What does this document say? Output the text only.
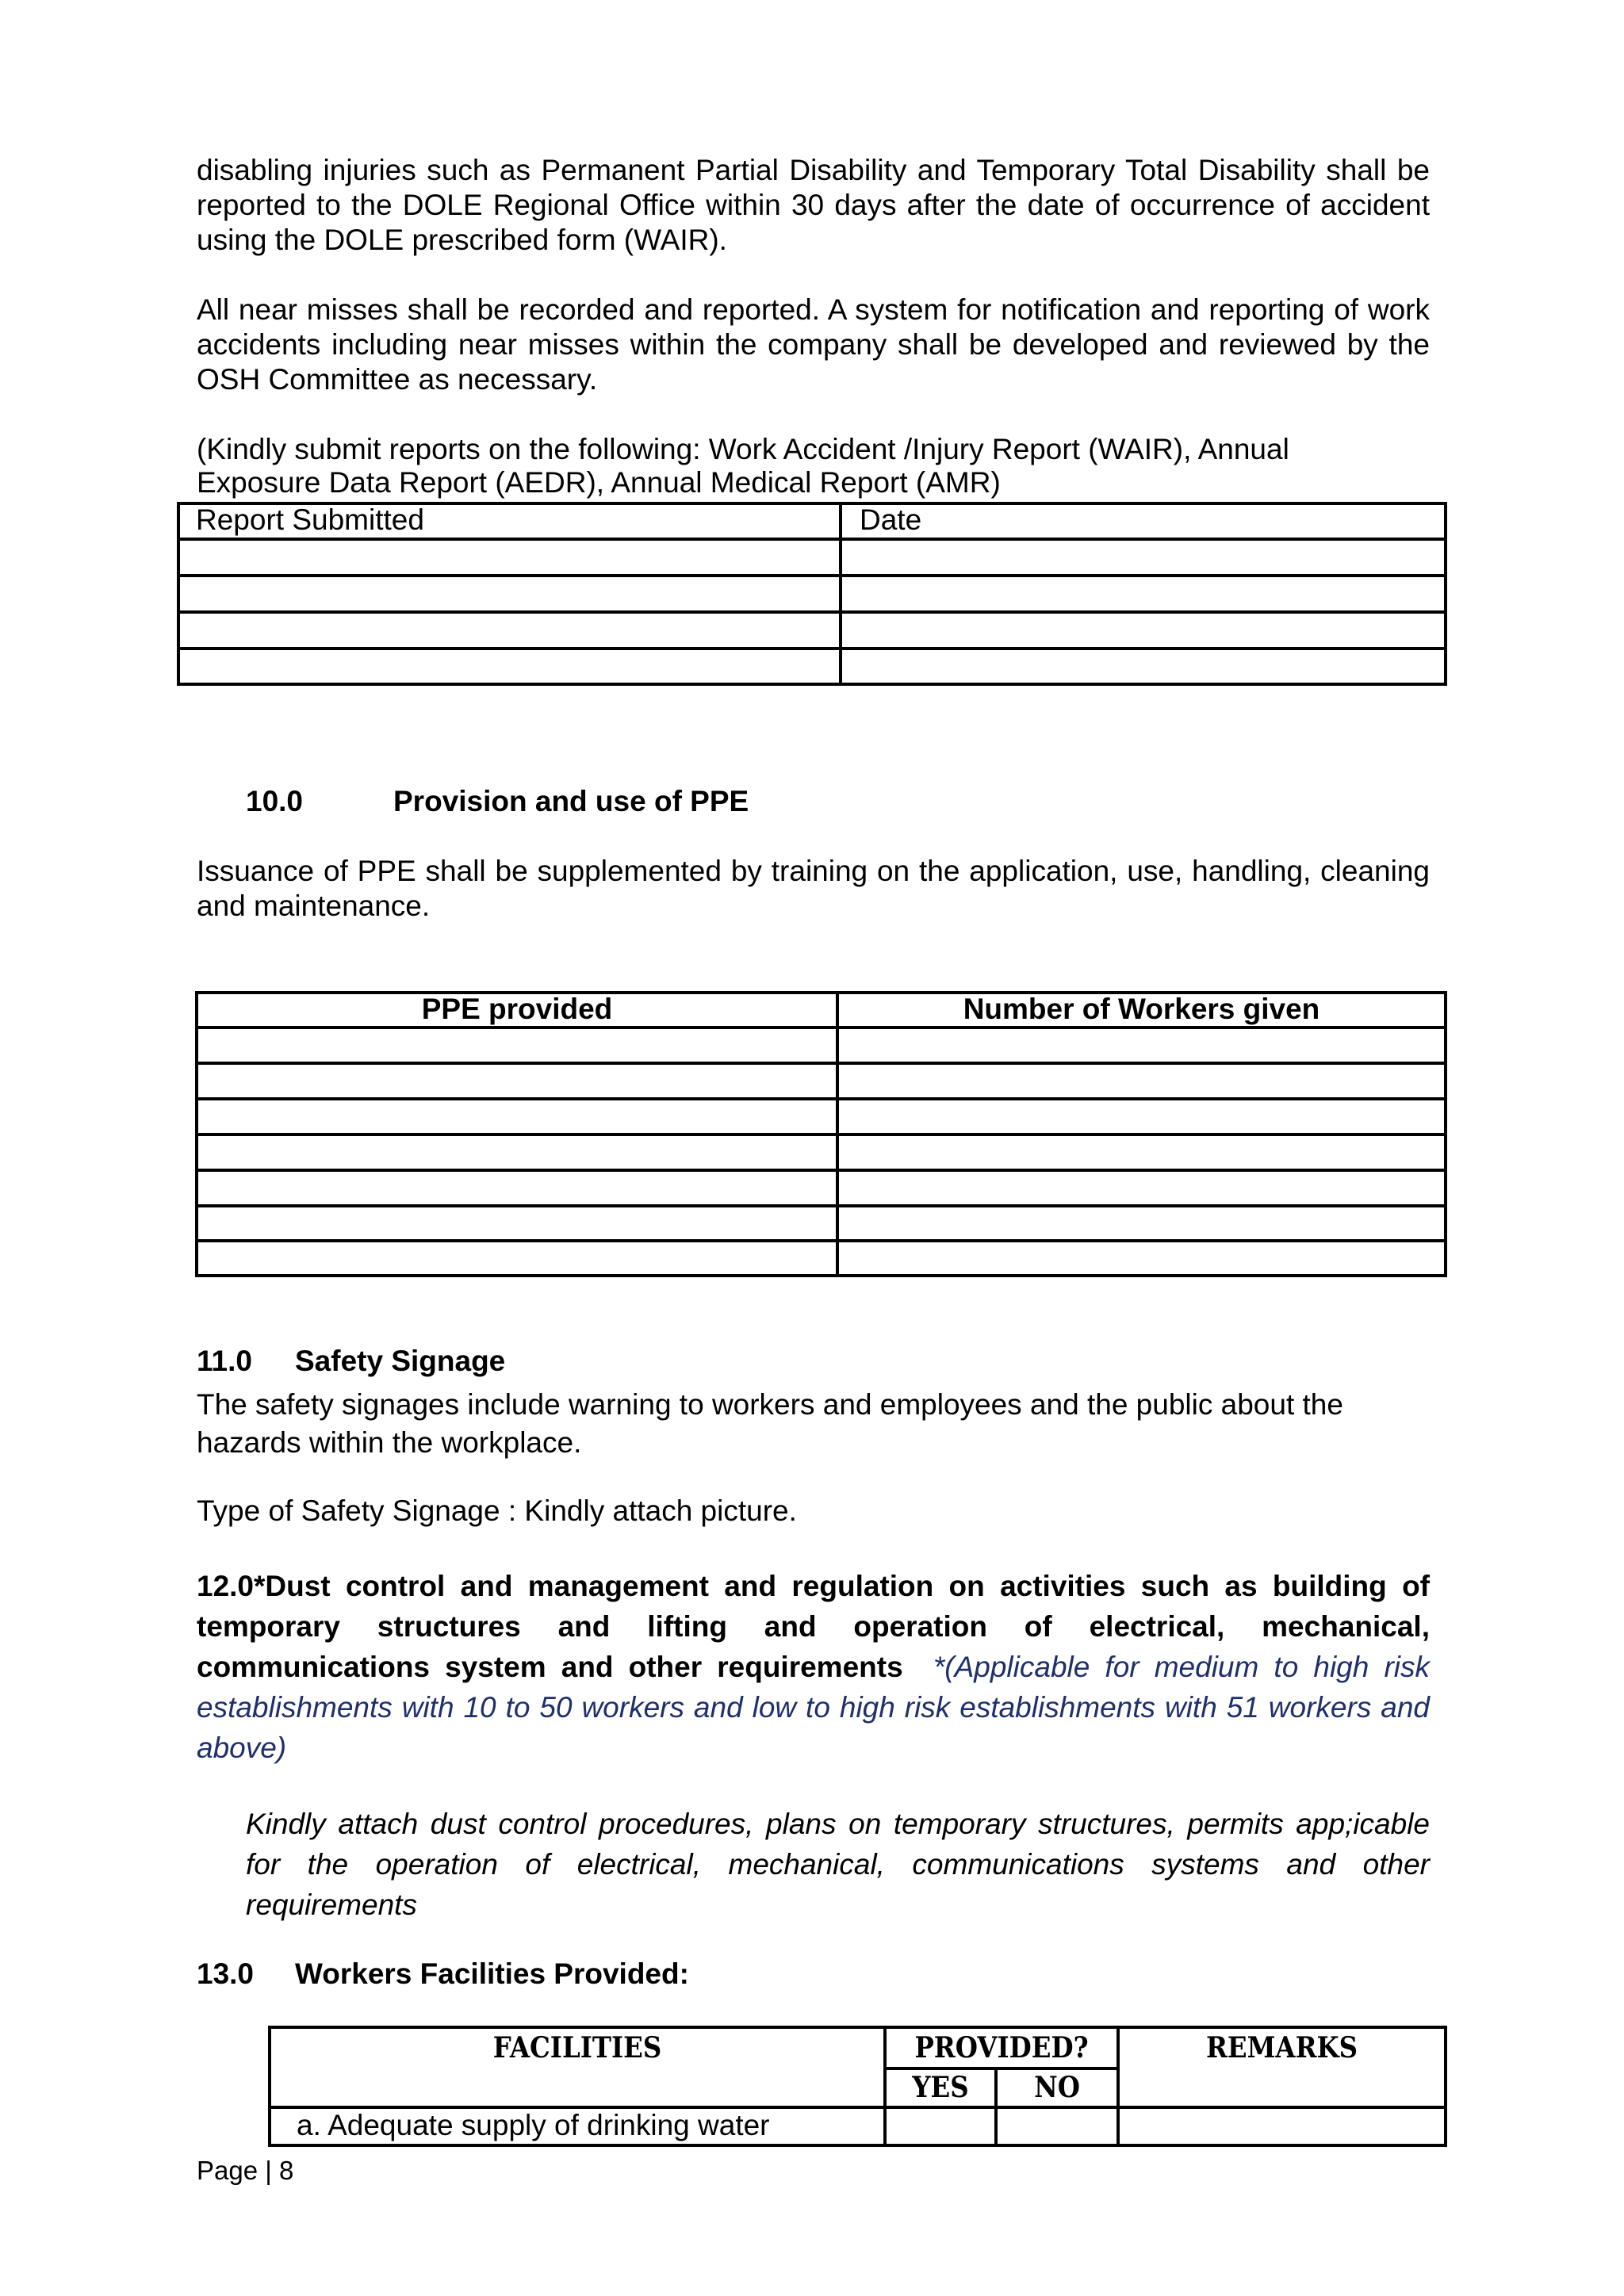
disabling injuries such as Permanent Partial Disability and Temporary Total Disability shall be reported to the DOLE Regional Office within 30 days after the date of occurrence of accident using the DOLE prescribed form (WAIR).

All near misses shall be recorded and reported. A system for notification and reporting of work accidents including near misses within the company shall be developed and reviewed by the OSH Committee as necessary.

(Kindly submit reports on the following: Work Accident /Injury Report (WAIR), Annual
Exposure Data Report (AEDR), Annual Medical Report (AMR)
Report Submitted	Date

10.0	Provision and use of PPE

Issuance of PPE shall be supplemented by training on the application, use, handling, cleaning and maintenance.

PPE provided	Number of Workers given

11.0 Safety Signage
The safety signages include warning to workers and employees and the public about the
hazards within the workplace.
Type of Safety Signage : Kindly attach picture.

12.0*Dust control and management and regulation on activities such as building of temporary structures and lifting and operation of electrical, mechanical, communications system and other requirements *(Applicable for medium to high risk establishments with 10 to 50 workers and low to high risk establishments with 51 workers and above)

Kindly attach dust control procedures, plans on temporary structures, permits app;icable for the operation of electrical, mechanical, communications systems and other requirements

13.0 Workers Facilities Provided:
FACILITIES	PROVIDED?		REMARKS

	YES	NO	

a. Adequate supply of drinking water			

Page | 8
